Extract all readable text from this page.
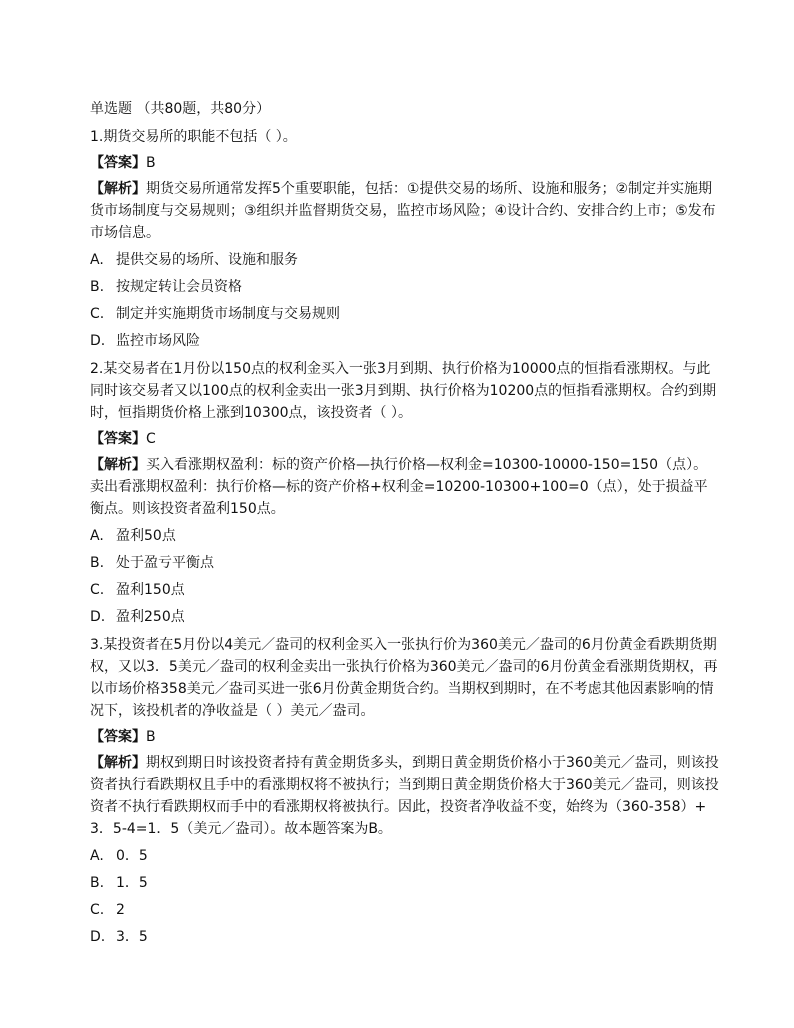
单选题 （共80题，共80分）
1.期货交易所的职能不包括（ ）。
【答案】B
【解析】期货交易所通常发挥5个重要职能，包括：①提供交易的场所、设施和服务；②制定并实施期货市场制度与交易规则；③组织并监督期货交易，监控市场风险；④设计合约、安排合约上市；⑤发布市场信息。
A. 提供交易的场所、设施和服务
B. 按规定转让会员资格
C. 制定并实施期货市场制度与交易规则
D. 监控市场风险
2.某交易者在1月份以150点的权利金买入一张3月到期、执行价格为10000点的恒指看涨期权。与此同时该交易者又以100点的权利金卖出一张3月到期、执行价格为10200点的恒指看涨期权。合约到期时，恒指期货价格上涨到10300点，该投资者（ ）。
【答案】C
【解析】买入看涨期权盈利：标的资产价格—执行价格—权利金=10300-10000-150=150（点）。卖出看涨期权盈利：执行价格—标的资产价格+权利金=10200-10300+100=0（点），处于损益平衡点。则该投资者盈利150点。
A. 盈利50点
B. 处于盈亏平衡点
C. 盈利150点
D. 盈利250点
3.某投资者在5月份以4美元／盎司的权利金买入一张执行价为360美元／盎司的6月份黄金看跌期货期权，又以3．5美元／盎司的权利金卖出一张执行价格为360美元／盎司的6月份黄金看涨期货期权，再以市场价格358美元／盎司买进一张6月份黄金期货合约。当期权到期时，在不考虑其他因素影响的情况下，该投机者的净收益是（ ）美元／盎司。
【答案】B
【解析】期权到期日时该投资者持有黄金期货多头，到期日黄金期货价格小于360美元／盎司，则该投资者执行看跌期权且手中的看涨期权将不被执行；当到期日黄金期货价格大于360美元／盎司，则该投资者不执行看跌期权而手中的看涨期权将被执行。因此，投资者净收益不变，始终为（360-358）+3．5-4=1．5（美元／盎司）。故本题答案为B。
A. 0．5
B. 1．5
C. 2
D. 3．5
